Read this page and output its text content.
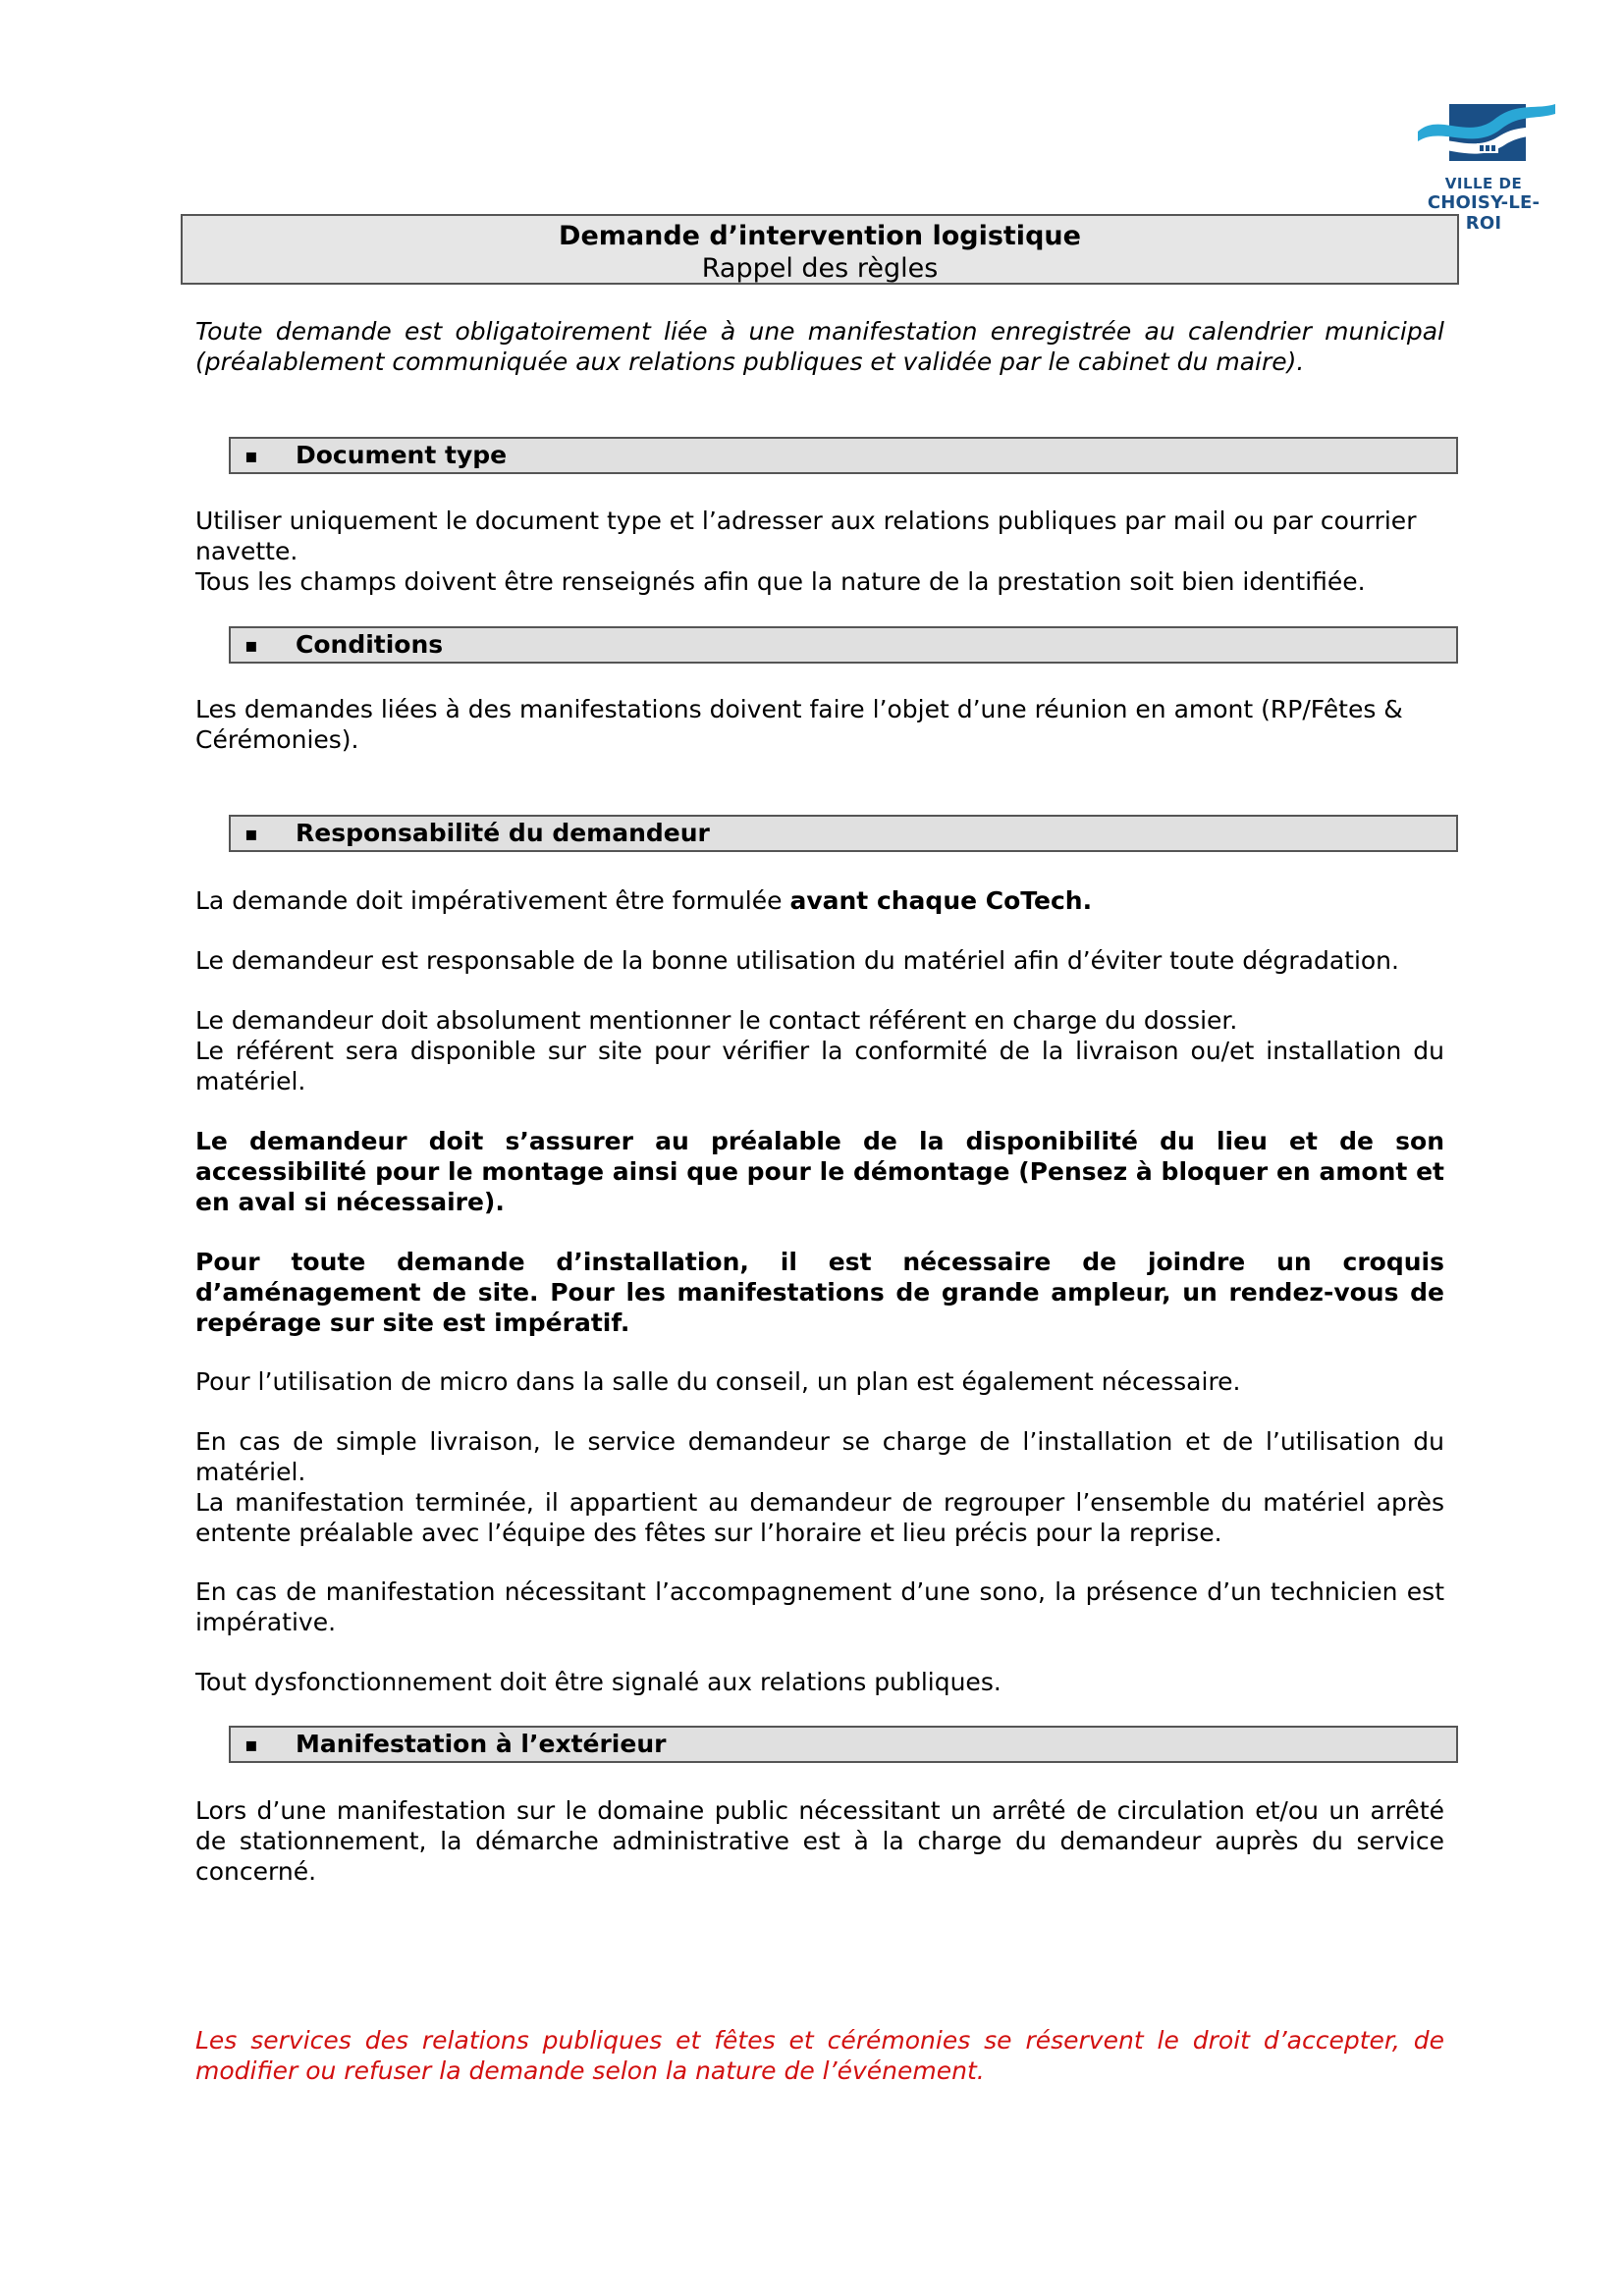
VILLE DE
CHOISY-LE-ROI
Demande d’intervention logistique
Rappel des règles

Toute demande est obligatoirement liée à une manifestation enregistrée au calendrier municipal (préalablement communiquée aux relations publiques et validée par le cabinet du maire).

▪ Document type

Utiliser uniquement le document type et l’adresser aux relations publiques par mail ou par courrier navette.

Tous les champs doivent être renseignés afin que la nature de la prestation soit bien identifiée.

▪ Conditions

Les demandes liées à des manifestations doivent faire l’objet d’une réunion en amont (RP/Fêtes & Cérémonies).

▪ Responsabilité du demandeur

La demande doit impérativement être formulée avant chaque CoTech.

Le demandeur est responsable de la bonne utilisation du matériel afin d’éviter toute dégradation.

Le demandeur doit absolument mentionner le contact référent en charge du dossier.

Le référent sera disponible sur site pour vérifier la conformité de la livraison ou/et installation du matériel.

Le demandeur doit s’assurer au préalable de la disponibilité du lieu et de son accessibilité pour le montage ainsi que pour le démontage (Pensez à bloquer en amont et en aval si nécessaire).

Pour toute demande d’installation, il est nécessaire de joindre un croquis d’aménagement de site. Pour les manifestations de grande ampleur, un rendez-vous de repérage sur site est impératif.

Pour l’utilisation de micro dans la salle du conseil, un plan est également nécessaire.

En cas de simple livraison, le service demandeur se charge de l’installation et de l’utilisation du matériel.

La manifestation terminée, il appartient au demandeur de regrouper l’ensemble du matériel après entente préalable avec l’équipe des fêtes sur l’horaire et lieu précis pour la reprise.

En cas de manifestation nécessitant l’accompagnement d’une sono, la présence d’un technicien est impérative.

Tout dysfonctionnement doit être signalé aux relations publiques.

▪ Manifestation à l’extérieur

Lors d’une manifestation sur le domaine public nécessitant un arrêté de circulation et/ou un arrêté de stationnement, la démarche administrative est à la charge du demandeur auprès du service concerné.

Les services des relations publiques et fêtes et cérémonies se réservent le droit d’accepter, de modifier ou refuser la demande selon la nature de l’événement.
